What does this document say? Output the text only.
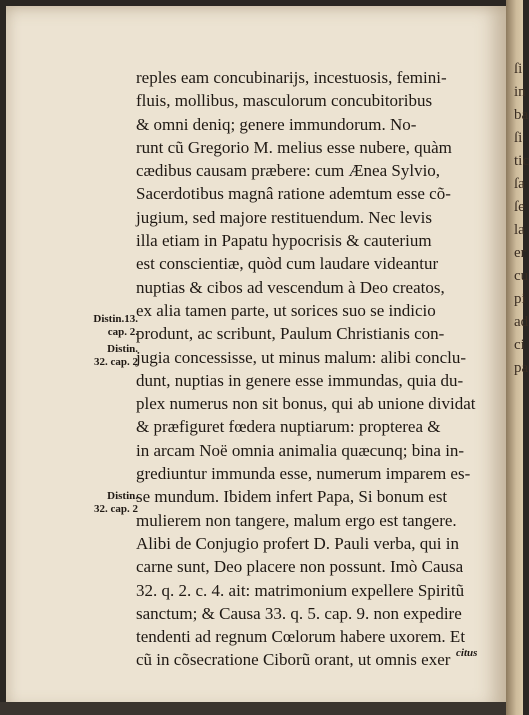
reples eam concubinarijs, incestuosis, femini-
fluis, mollibus, masculorum concubitoribus
& omni deniq; genere immundorum. No-
runt cũ Gregorio M. melius esse nubere, quàm
cædibus causam præbere: cum Ænea Sylvio,
Sacerdotibus magnâ ratione ademtum esse cõ-
jugium, sed majore restituendum. Nec levis
illa etiam in Papatu hypocrisis & cauterium
est conscientiæ, quòd cum laudare videantur
nuptias & cibos ad vescendum à Deo creatos,
ex alia tamen parte, ut sorices suo se indicio
produnt, ac scribunt, Paulum Christianis con-
jugia concessisse, ut minus malum: alibi conclu-
dunt, nuptias in genere esse immundas, quia du-
plex numerus non sit bonus, qui ab unione dividat
& præfiguret fœdera nuptiarum: propterea &
in arcam Noë omnia animalia quæcunq; bina in-
grediuntur immunda esse, numerum imparem es-
se mundum. Ibidem infert Papa, Si bonum est
mulierem non tangere, malum ergo est tangere.
Alibi de Conjugio profert D. Pauli verba, qui in
carne sunt, Deo placere non possunt. Imò Causa
32. q. 2. c. 4. ait: matrimonium expellere Spiritũ
sanctum; & Causa 33. q. 5. cap. 9. non expedire
tendenti ad regnum Cœlorum habere uxorem. Et
cũ in cõsecratione Ciborũ orant, ut omnis exer
Distin.13.
cap. 2.
Distin.
32. cap. 2
Distin.
32. cap. 2
citus
ſi
in
ba
ſi
tic
ſa
ſe
la
er
cu
pi
ad
ci
pa
